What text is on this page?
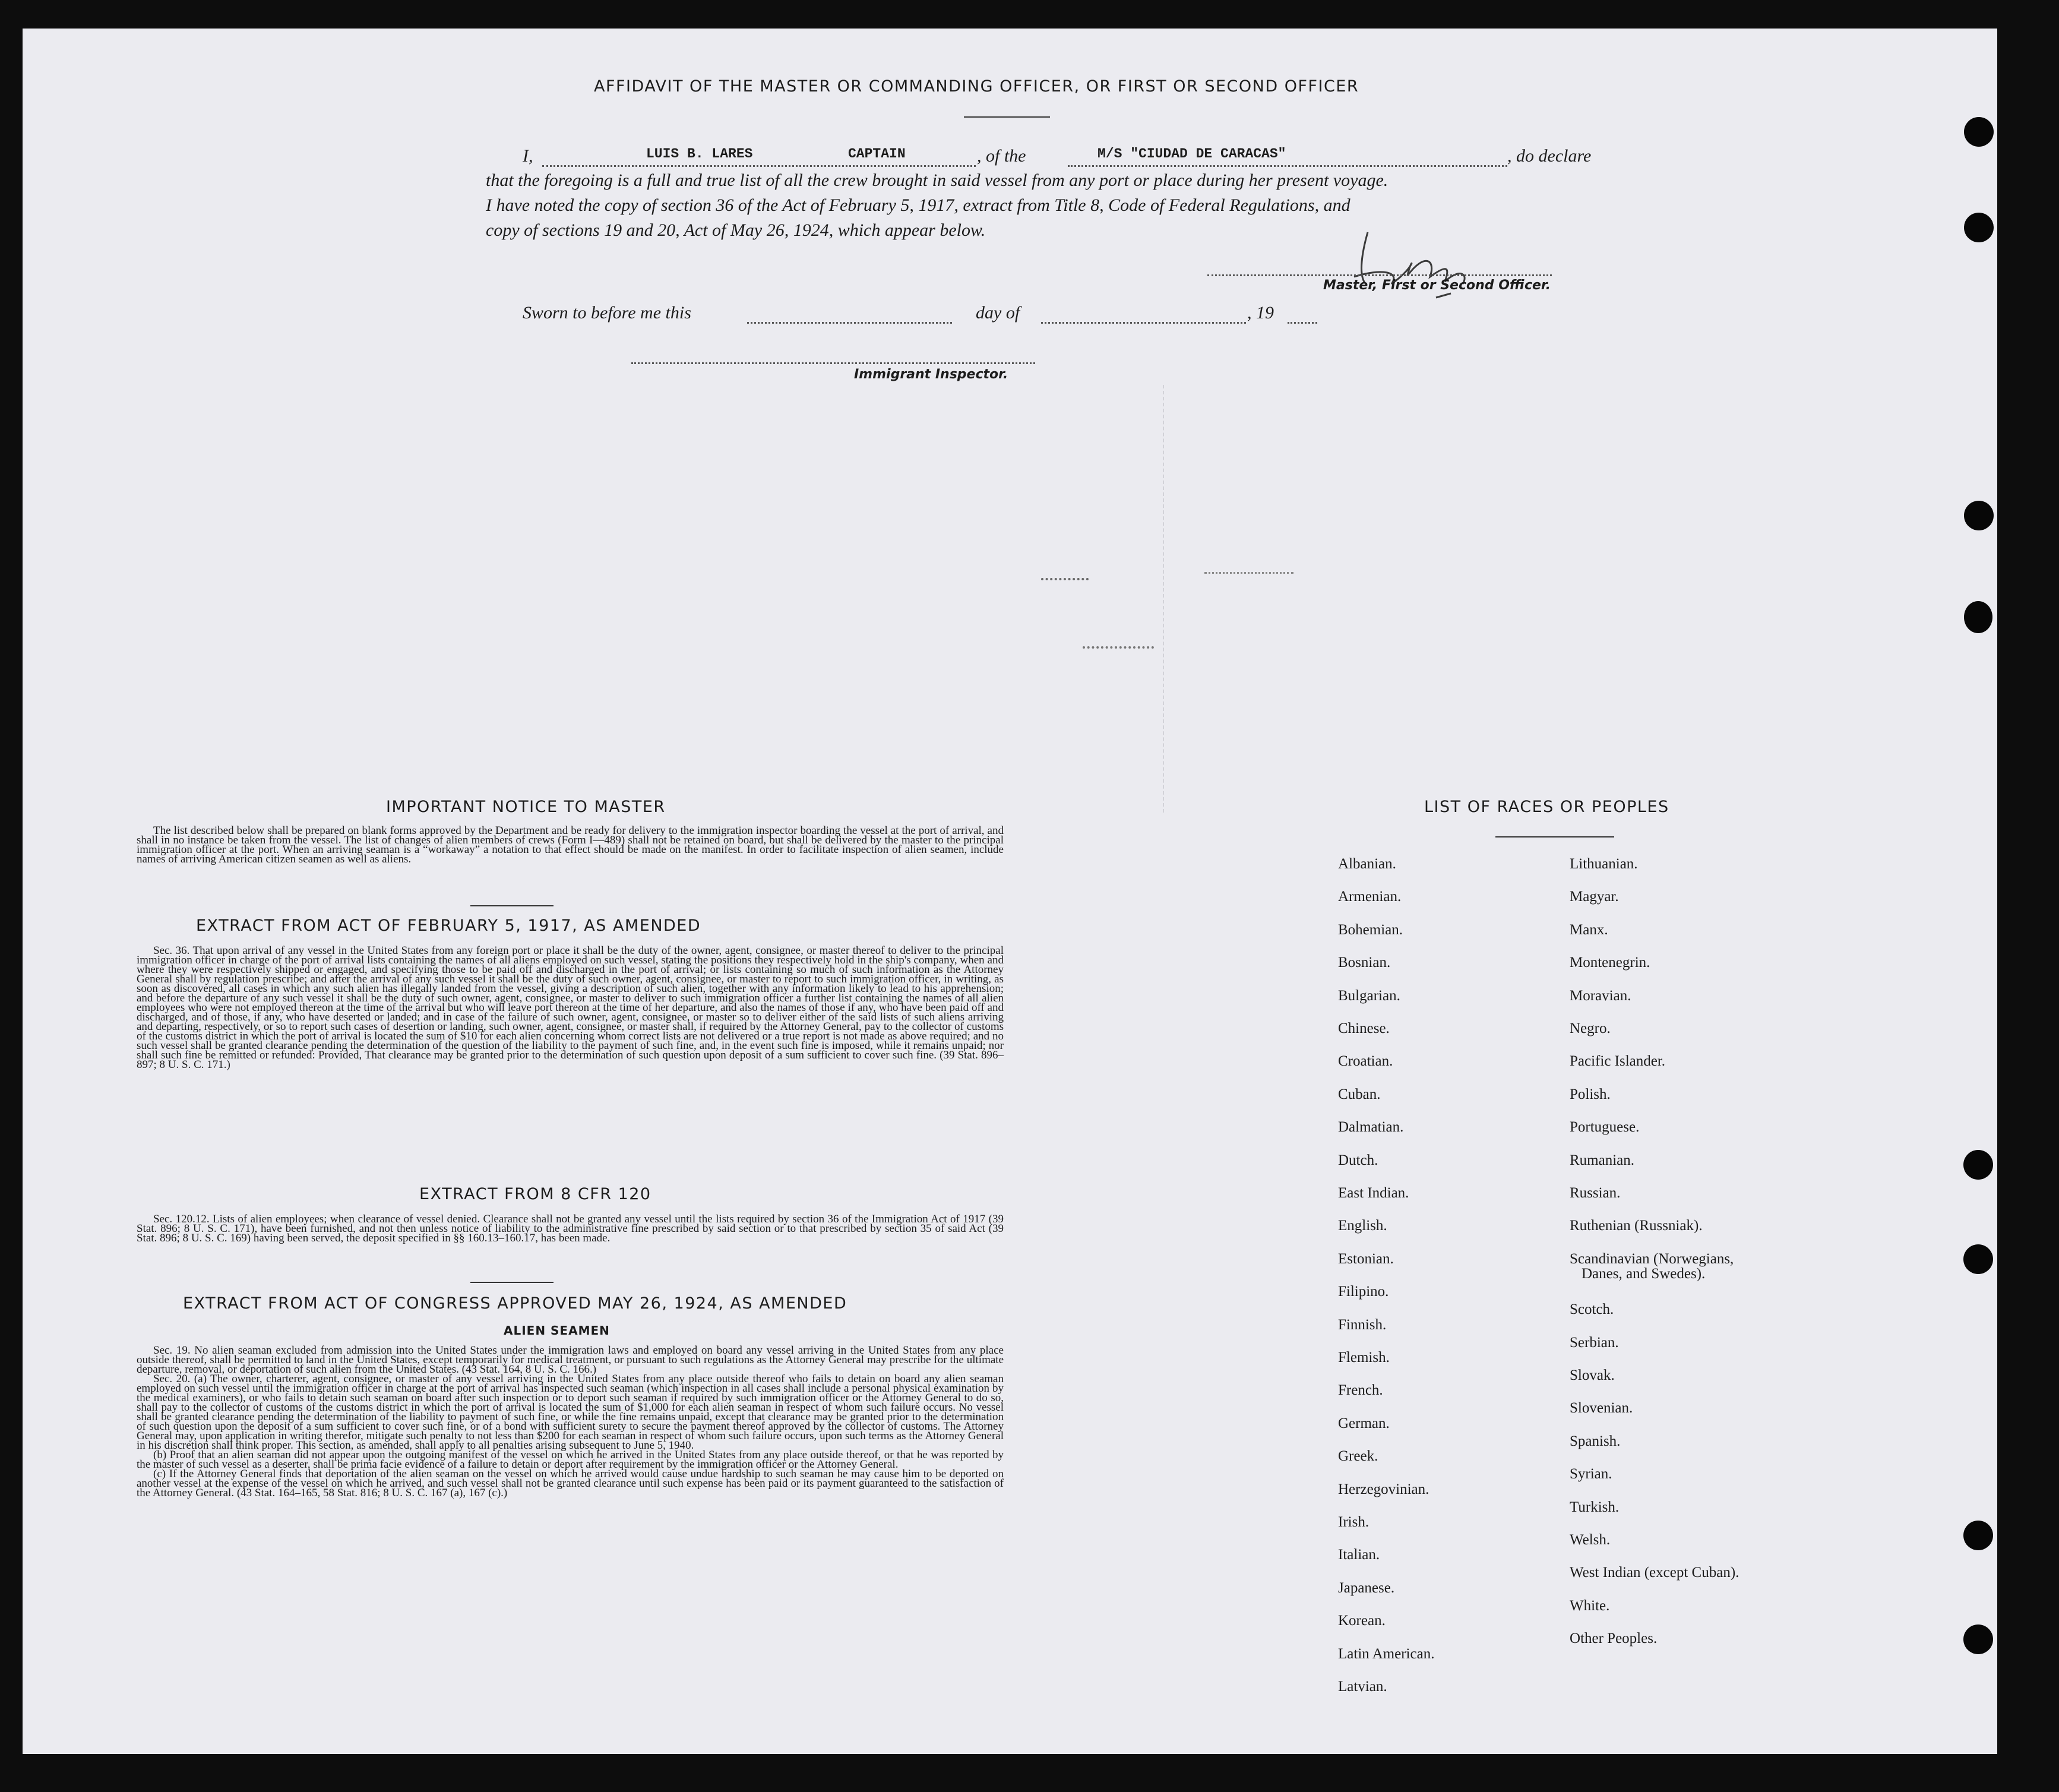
AFFIDAVIT OF THE MASTER OR COMMANDING OFFICER, OR FIRST OR SECOND OFFICER
I,	LUIS B. LARES	CAPTAIN	, of the	M/S "CIUDAD DE CARACAS"	, do declare
that the foregoing is a full and true list of all the crew brought in said vessel from any port or place during her present voyage.
I have noted the copy of section 36 of the Act of February 5, 1917, extract from Title 8, Code of Federal Regulations, and
copy of sections 19 and 20, Act of May 26, 1924, which appear below.
Master, First or Second Officer.
Sworn to before me this	day of	, 19
Immigrant Inspector.
IMPORTANT NOTICE TO MASTER

The list described below shall be prepared on blank forms approved by the Department and be ready for delivery to the immigration inspector boarding the vessel at the port of arrival, and shall in no instance be taken from the vessel. The list of changes of alien members of crews (Form I—489) shall not be retained on board, but shall be delivered by the master to the principal immigration officer at the port. When an arriving seaman is a “workaway” a notation to that effect should be made on the manifest. In order to facilitate inspection of alien seamen, include names of arriving American citizen seamen as well as aliens.

EXTRACT FROM ACT OF FEBRUARY 5, 1917, AS AMENDED

Sec. 36. That upon arrival of any vessel in the United States from any foreign port or place it shall be the duty of the owner, agent, consignee, or master thereof to deliver to the principal immigration officer in charge of the port of arrival lists containing the names of all aliens employed on such vessel, stating the positions they respectively hold in the ship's company, when and where they were respectively shipped or engaged, and specifying those to be paid off and discharged in the port of arrival; or lists containing so much of such information as the Attorney General shall by regulation prescribe; and after the arrival of any such vessel it shall be the duty of such owner, agent, consignee, or master to report to such immigration officer, in writing, as soon as discovered, all cases in which any such alien has illegally landed from the vessel, giving a description of such alien, together with any information likely to lead to his apprehension; and before the departure of any such vessel it shall be the duty of such owner, agent, consignee, or master to deliver to such immigration officer a further list containing the names of all alien employees who were not employed thereon at the time of the arrival but who will leave port thereon at the time of her departure, and also the names of those if any, who have been paid off and discharged, and of those, if any, who have deserted or landed; and in case of the failure of such owner, agent, consignee, or master so to deliver either of the said lists of such aliens arriving and departing, respectively, or so to report such cases of desertion or landing, such owner, agent, consignee, or master shall, if required by the Attorney General, pay to the collector of customs of the customs district in which the port of arrival is located the sum of $10 for each alien concerning whom correct lists are not delivered or a true report is not made as above required; and no such vessel shall be granted clearance pending the determination of the question of the liability to the payment of such fine, and, in the event such fine is imposed, while it remains unpaid; nor shall such fine be remitted or refunded: Provided, That clearance may be granted prior to the determination of such question upon deposit of a sum sufficient to cover such fine. (39 Stat. 896–897; 8 U. S. C. 171.)

EXTRACT FROM 8 CFR 120

Sec. 120.12. Lists of alien employees; when clearance of vessel denied. Clearance shall not be granted any vessel until the lists required by section 36 of the Immigration Act of 1917 (39 Stat. 896; 8 U. S. C. 171), have been furnished, and not then unless notice of liability to the administrative fine prescribed by said section or to that prescribed by section 35 of said Act (39 Stat. 896; 8 U. S. C. 169) having been served, the deposit specified in §§ 160.13–160.17, has been made.

EXTRACT FROM ACT OF CONGRESS APPROVED MAY 26, 1924, AS AMENDED
ALIEN SEAMEN

Sec. 19. No alien seaman excluded from admission into the United States under the immigration laws and employed on board any vessel arriving in the United States from any place outside thereof, shall be permitted to land in the United States, except temporarily for medical treatment, or pursuant to such regulations as the Attorney General may prescribe for the ultimate departure, removal, or deportation of such alien from the United States. (43 Stat. 164, 8 U. S. C. 166.)

Sec. 20. (a) The owner, charterer, agent, consignee, or master of any vessel arriving in the United States from any place outside thereof who fails to detain on board any alien seaman employed on such vessel until the immigration officer in charge at the port of arrival has inspected such seaman (which inspection in all cases shall include a personal physical examination by the medical examiners), or who fails to detain such seaman on board after such inspection or to deport such seaman if required by such immigration officer or the Attorney General to do so, shall pay to the collector of customs of the customs district in which the port of arrival is located the sum of $1,000 for each alien seaman in respect of whom such failure occurs. No vessel shall be granted clearance pending the determination of the liability to payment of such fine, or while the fine remains unpaid, except that clearance may be granted prior to the determination of such question upon the deposit of a sum sufficient to cover such fine, or of a bond with sufficient surety to secure the payment thereof approved by the collector of customs. The Attorney General may, upon application in writing therefor, mitigate such penalty to not less than $200 for each seaman in respect of whom such failure occurs, upon such terms as the Attorney General in his discretion shall think proper. This section, as amended, shall apply to all penalties arising subsequent to June 5, 1940.

(b) Proof that an alien seaman did not appear upon the outgoing manifest of the vessel on which he arrived in the United States from any place outside thereof, or that he was reported by the master of such vessel as a deserter, shall be prima facie evidence of a failure to detain or deport after requirement by the immigration officer or the Attorney General.

(c) If the Attorney General finds that deportation of the alien seaman on the vessel on which he arrived would cause undue hardship to such seaman he may cause him to be deported on another vessel at the expense of the vessel on which he arrived, and such vessel shall not be granted clearance until such expense has been paid or its payment guaranteed to the satisfaction of the Attorney General. (43 Stat. 164–165, 58 Stat. 816; 8 U. S. C. 167 (a), 167 (c).)

LIST OF RACES OR PEOPLES
Albanian.
Armenian.
Bohemian.
Bosnian.
Bulgarian.
Chinese.
Croatian.
Cuban.
Dalmatian.
Dutch.
East Indian.
English.
Estonian.
Filipino.
Finnish.
Flemish.
French.
German.
Greek.
Herzegovinian.
Irish.
Italian.
Japanese.
Korean.
Latin American.
Latvian.
Lithuanian.
Magyar.
Manx.
Montenegrin.
Moravian.
Negro.
Pacific Islander.
Polish.
Portuguese.
Rumanian.
Russian.
Ruthenian (Russniak).
Scandinavian (Norwegians,
Danes, and Swedes).
Scotch.
Serbian.
Slovak.
Slovenian.
Spanish.
Syrian.
Turkish.
Welsh.
West Indian (except Cuban).
White.
Other Peoples.
